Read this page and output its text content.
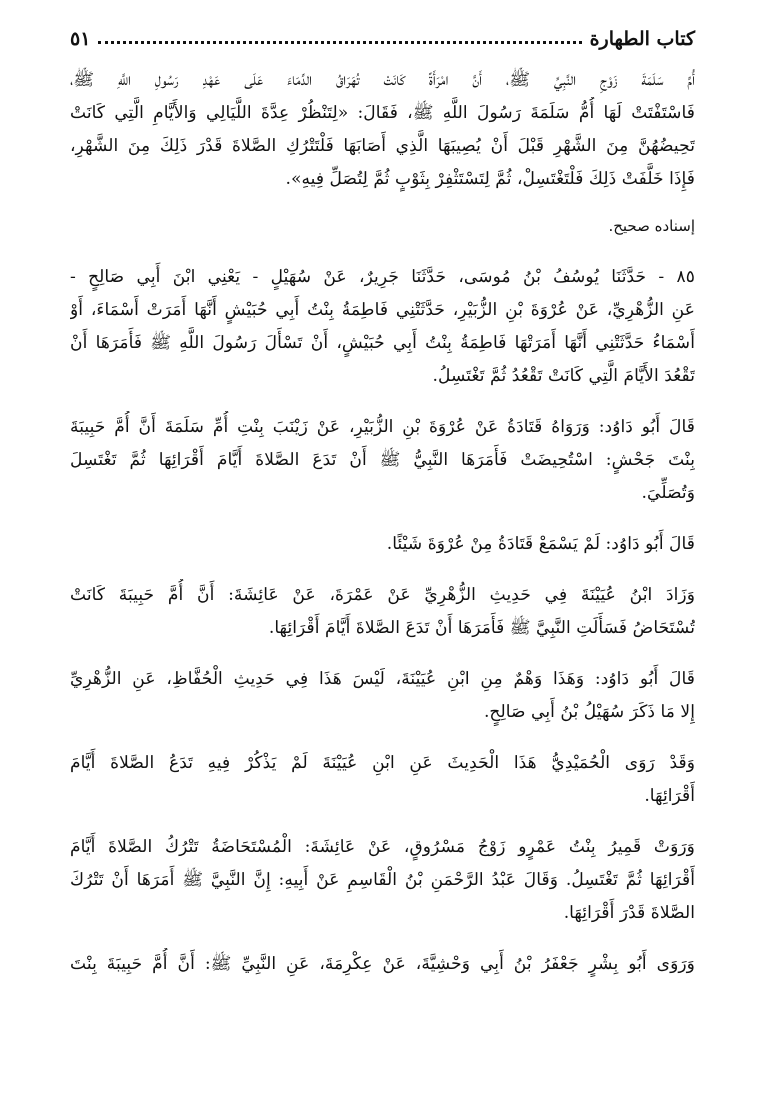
كتاب الطهارة
٥١
أُمِّ سَلَمَةَ زَوْجِ النَّبِيِّ ﷺ، أَنَّ امْرَأَةً كَانَتْ تُهَرَاقُ الدِّمَاءَ عَلَى عَهْدِ رَسُولِ اللَّهِ ﷺ،
فَاسْتَفْتَتْ لَهَا أُمُّ سَلَمَةَ رَسُولَ اللَّهِ ﷺ، فَقَالَ: «لِتَنْظُرْ عِدَّةَ اللَّيَالِي وَالأَيَّامِ الَّتِي كَانَتْ
تَحِيضُهُنَّ مِنَ الشَّهْرِ قَبْلَ أَنْ يُصِيبَهَا الَّذِي أَصَابَهَا فَلْتَتْرُكِ الصَّلاةَ قَدْرَ ذَلِكَ مِنَ الشَّهْرِ،
فَإِذَا خَلَّفَتْ ذَلِكَ فَلْتَغْتَسِلْ، ثُمَّ لِتَسْتَثْفِرْ بِثَوْبٍ ثُمَّ لِتُصَلِّ فِيهِ».
إسناده صحيح.
٨٥ - حَدَّثَنَا يُوسُفُ بْنُ مُوسَى، حَدَّثَنَا جَرِيرٌ، عَنْ سُهَيْلٍ - يَعْنِي ابْنَ أَبِي صَالِحٍ -
عَنِ الزُّهْرِيِّ، عَنْ عُرْوَةَ بْنِ الزُّبَيْرِ، حَدَّثَتْنِي فَاطِمَةُ بِنْتُ أَبِي حُبَيْشٍ أَنَّهَا أَمَرَتْ أَسْمَاءَ، أَوْ
أَسْمَاءُ حَدَّثَتْنِي أَنَّهَا أَمَرَتْهَا فَاطِمَةُ بِنْتُ أَبِي حُبَيْشٍ، أَنْ تَسْأَلَ رَسُولَ اللَّهِ ﷺ فَأَمَرَهَا أَنْ
تَقْعُدَ الأَيَّامَ الَّتِي كَانَتْ تَقْعُدُ ثُمَّ تَغْتَسِلُ.
قَالَ أَبُو دَاوُد: وَرَوَاهُ قَتَادَةُ عَنْ عُرْوَةَ بْنِ الزُّبَيْرِ، عَنْ زَيْنَبَ بِنْتِ أُمِّ سَلَمَةَ أَنَّ أُمَّ حَبِيبَةَ
بِنْتَ جَحْشٍ: اسْتُحِيضَتْ فَأَمَرَهَا النَّبِيُّ ﷺ أَنْ تَدَعَ الصَّلاةَ أَيَّامَ أَقْرَائِهَا ثُمَّ تَغْتَسِلَ
وَتُصَلِّيَ.
قَالَ أَبُو دَاوُد: لَمْ يَسْمَعْ قَتَادَةُ مِنْ عُرْوَةَ شَيْئًا.
وَزَادَ ابْنُ عُيَيْنَةَ فِي حَدِيثِ الزُّهْرِيِّ عَنْ عَمْرَةَ، عَنْ عَائِشَةَ: أَنَّ أُمَّ حَبِيبَةَ كَانَتْ
تُسْتَحَاضُ فَسَأَلَتِ النَّبِيَّ ﷺ فَأَمَرَهَا أَنْ تَدَعَ الصَّلاةَ أَيَّامَ أَقْرَائِهَا.
قَالَ أَبُو دَاوُد: وَهَذَا وَهْمٌ مِنِ ابْنِ عُيَيْنَةَ، لَيْسَ هَذَا فِي حَدِيثِ الْحُفَّاظِ، عَنِ الزُّهْرِيِّ
إِلا مَا ذَكَرَ سُهَيْلُ بْنُ أَبِي صَالِحٍ.
وَقَدْ رَوَى الْحُمَيْدِيُّ هَذَا الْحَدِيثَ عَنِ ابْنِ عُيَيْنَةَ لَمْ يَذْكُرْ فِيهِ تَدَعُ الصَّلاةَ أَيَّامَ
أَقْرَائِهَا.
وَرَوَتْ قَمِيرُ بِنْتُ عَمْرٍو زَوْجُ مَسْرُوقٍ، عَنْ عَائِشَةَ: الْمُسْتَحَاضَةُ تَتْرُكُ الصَّلاةَ أَيَّامَ
أَقْرَائِهَا ثُمَّ تَغْتَسِلُ. وَقَالَ عَبْدُ الرَّحْمَنِ بْنُ الْقَاسِمِ عَنْ أَبِيهِ: إِنَّ النَّبِيَّ ﷺ أَمَرَهَا أَنْ تَتْرُكَ
الصَّلاةَ قَدْرَ أَقْرَائِهَا.
وَرَوَى أَبُو بِشْرٍ جَعْفَرُ بْنُ أَبِي وَحْشِيَّةَ، عَنْ عِكْرِمَةَ، عَنِ النَّبِيِّ ﷺ: أَنَّ أُمَّ حَبِيبَةَ بِنْتَ
